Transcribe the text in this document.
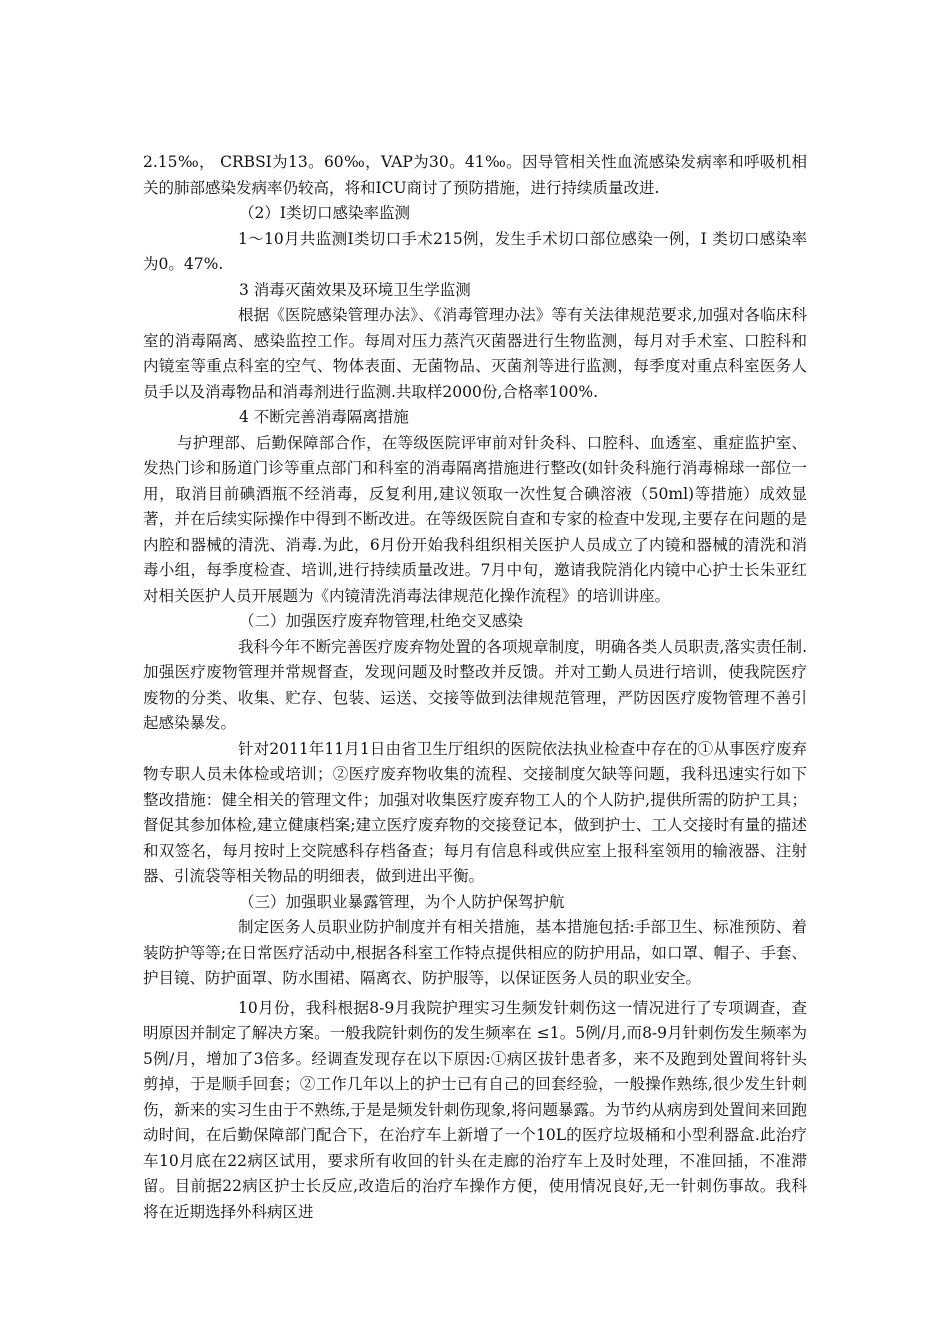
2.15‰， CRBSI为13。60‰，VAP为30。41‰。因导管相关性血流感染发病率和呼吸机相关的肺部感染发病率仍较高，将和ICU商讨了预防措施，进行持续质量改进.

（2）Ⅰ类切口感染率监测

1～10月共监测Ⅰ类切口手术215例，发生手术切口部位感染一例，Ⅰ 类切口感染率为0。47%.

3 消毒灭菌效果及环境卫生学监测

根据《医院感染管理办法》、《消毒管理办法》等有关法律规范要求,加强对各临床科室的消毒隔离、感染监控工作。每周对压力蒸汽灭菌器进行生物监测，每月对手术室、口腔科和内镜室等重点科室的空气、物体表面、无菌物品、灭菌剂等进行监测，每季度对重点科室医务人员手以及消毒物品和消毒剂进行监测.共取样2000份,合格率100%.

4 不断完善消毒隔离措施

与护理部、后勤保障部合作，在等级医院评审前对针灸科、口腔科、血透室、重症监护室、发热门诊和肠道门诊等重点部门和科室的消毒隔离措施进行整改(如针灸科施行消毒棉球一部位一用，取消目前碘酒瓶不经消毒，反复利用,建议领取一次性复合碘溶液（50ml)等措施）成效显著，并在后续实际操作中得到不断改进。在等级医院自查和专家的检查中发现,主要存在问题的是内腔和器械的清洗、消毒.为此，6月份开始我科组织相关医护人员成立了内镜和器械的清洗和消毒小组，每季度检查、培训,进行持续质量改进。7月中旬，邀请我院消化内镜中心护士长朱亚红对相关医护人员开展题为《内镜清洗消毒法律规范化操作流程》的培训讲座。

（二）加强医疗废弃物管理,杜绝交叉感染

我科今年不断完善医疗废弃物处置的各项规章制度，明确各类人员职责,落实责任制.加强医疗废物管理并常规督查，发现问题及时整改并反馈。并对工勤人员进行培训，使我院医疗废物的分类、收集、贮存、包装、运送、交接等做到法律规范管理，严防因医疗废物管理不善引起感染暴发。

针对2011年11月1日由省卫生厅组织的医院依法执业检查中存在的①从事医疗废弃物专职人员未体检或培训；②医疗废弃物收集的流程、交接制度欠缺等问题，我科迅速实行如下整改措施：健全相关的管理文件；加强对收集医疗废弃物工人的个人防护,提供所需的防护工具；督促其参加体检,建立健康档案;建立医疗废弃物的交接登记本，做到护士、工人交接时有量的描述和双签名，每月按时上交院感科存档备查；每月有信息科或供应室上报科室领用的输液器、注射器、引流袋等相关物品的明细表，做到进出平衡。

（三）加强职业暴露管理，为个人防护保驾护航

制定医务人员职业防护制度并有相关措施，基本措施包括:手部卫生、标准预防、着装防护等等;在日常医疗活动中,根据各科室工作特点提供相应的防护用品，如口罩、帽子、手套、护目镜、防护面罩、防水围裙、隔离衣、防护服等，以保证医务人员的职业安全。

10月份，我科根据8-9月我院护理实习生频发针刺伤这一情况进行了专项调查，查明原因并制定了解决方案。一般我院针刺伤的发生频率在 ≤1。5例/月,而8-9月针刺伤发生频率为 5例/月，增加了3倍多。经调查发现存在以下原因:①病区拔针患者多，来不及跑到处置间将针头剪掉，于是顺手回套；②工作几年以上的护士已有自己的回套经验，一般操作熟练,很少发生针刺伤，新来的实习生由于不熟练,于是是频发针刺伤现象,将问题暴露。为节约从病房到处置间来回跑动时间，在后勤保障部门配合下，在治疗车上新增了一个10L的医疗垃圾桶和小型利器盒.此治疗车10月底在22病区试用，要求所有收回的针头在走廊的治疗车上及时处理，不准回插，不准滞留。目前据22病区护士长反应,改造后的治疗车操作方便，使用情况良好,无一针刺伤事故。我科将在近期选择外科病区进
